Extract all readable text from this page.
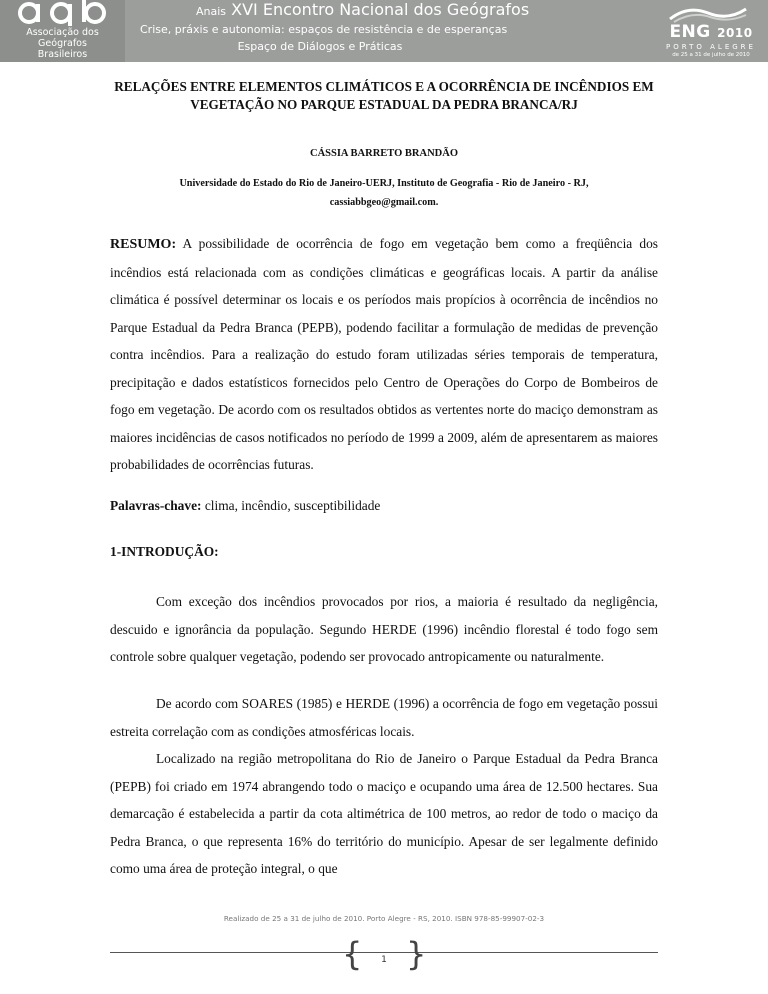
Associação dos
Geógrafos
Brasileiros
Anais XVI Encontro Nacional dos Geógrafos
Crise, práxis e autonomia: espaços de resistência e de esperanças
Espaço de Diálogos e Práticas
ENG 2010
PORTO ALEGRE
de 25 a 31 de julho de 2010
RELAÇÕES ENTRE ELEMENTOS CLIMÁTICOS E A OCORRÊNCIA DE INCÊNDIOS EM VEGETAÇÃO NO PARQUE ESTADUAL DA PEDRA BRANCA/RJ
CÁSSIA BARRETO BRANDÃO
Universidade do Estado do Rio de Janeiro-UERJ, Instituto de Geografia - Rio de Janeiro - RJ,
cassiabbgeo@gmail.com.
RESUMO: A possibilidade de ocorrência de fogo em vegetação bem como a freqüência dos incêndios está relacionada com as condições climáticas e geográficas locais. A partir da análise climática é possível determinar os locais e os períodos mais propícios à ocorrência de incêndios no Parque Estadual da Pedra Branca (PEPB), podendo facilitar a formulação de medidas de prevenção contra incêndios. Para a realização do estudo foram utilizadas séries temporais de temperatura, precipitação e dados estatísticos fornecidos pelo Centro de Operações do Corpo de Bombeiros de fogo em vegetação. De acordo com os resultados obtidos as vertentes norte do maciço demonstram as maiores incidências de casos notificados no período de 1999 a 2009, além de apresentarem as maiores probabilidades de ocorrências futuras.
Palavras-chave: clima, incêndio, susceptibilidade
1-INTRODUÇÃO:
Com exceção dos incêndios provocados por rios, a maioria é resultado da negligência, descuido e ignorância da população. Segundo HERDE (1996) incêndio florestal é todo fogo sem controle sobre qualquer vegetação, podendo ser provocado antropicamente ou naturalmente.
De acordo com SOARES (1985) e HERDE (1996) a ocorrência de fogo em vegetação possui estreita correlação com as condições atmosféricas locais.
Localizado na região metropolitana do Rio de Janeiro o Parque Estadual da Pedra Branca (PEPB) foi criado em 1974 abrangendo todo o maciço e ocupando uma área de 12.500 hectares. Sua demarcação é estabelecida a partir da cota altimétrica de 100 metros, ao redor de todo o maciço da Pedra Branca, o que representa 16% do território do município. Apesar de ser legalmente definido como uma área de proteção integral, o que
Realizado de 25 a 31 de julho de 2010. Porto Alegre - RS, 2010. ISBN 978-85-99907-02-3
{ }
1
